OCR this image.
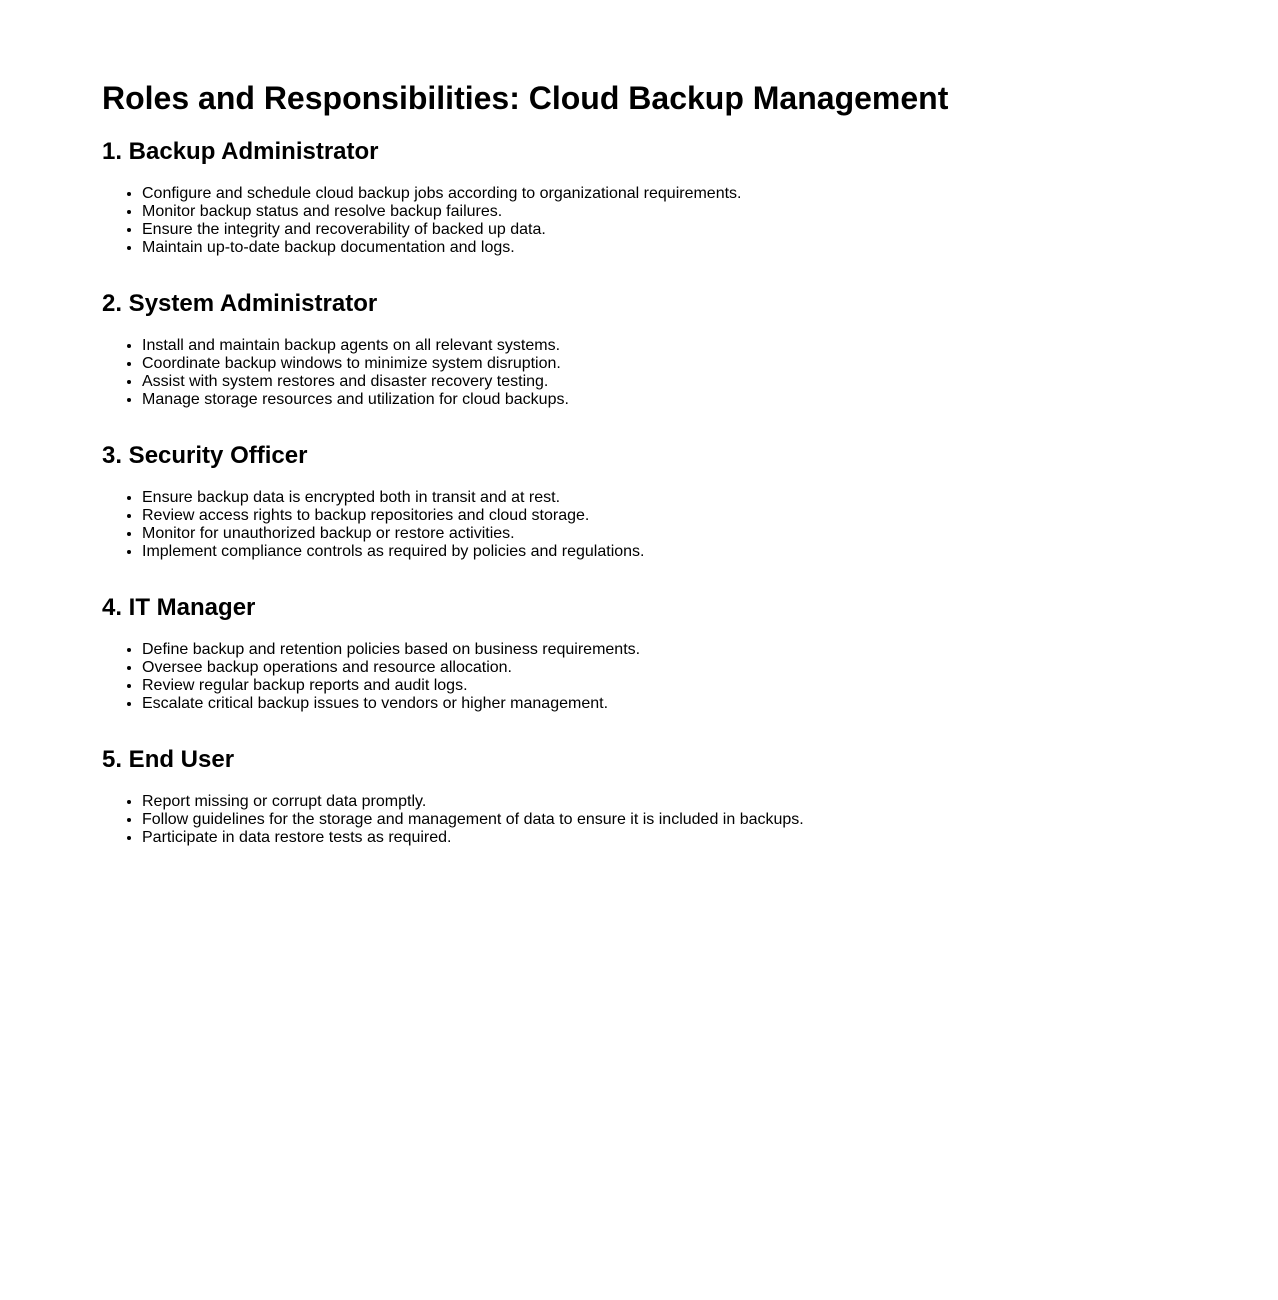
Roles and Responsibilities: Cloud Backup Management
1. Backup Administrator
• Configure and schedule cloud backup jobs according to organizational requirements.
• Monitor backup status and resolve backup failures.
• Ensure the integrity and recoverability of backed up data.
• Maintain up-to-date backup documentation and logs.
2. System Administrator
• Install and maintain backup agents on all relevant systems.
• Coordinate backup windows to minimize system disruption.
• Assist with system restores and disaster recovery testing.
• Manage storage resources and utilization for cloud backups.
3. Security Officer
• Ensure backup data is encrypted both in transit and at rest.
• Review access rights to backup repositories and cloud storage.
• Monitor for unauthorized backup or restore activities.
• Implement compliance controls as required by policies and regulations.
4. IT Manager
• Define backup and retention policies based on business requirements.
• Oversee backup operations and resource allocation.
• Review regular backup reports and audit logs.
• Escalate critical backup issues to vendors or higher management.
5. End User
• Report missing or corrupt data promptly.
• Follow guidelines for the storage and management of data to ensure it is included in backups.
• Participate in data restore tests as required.
